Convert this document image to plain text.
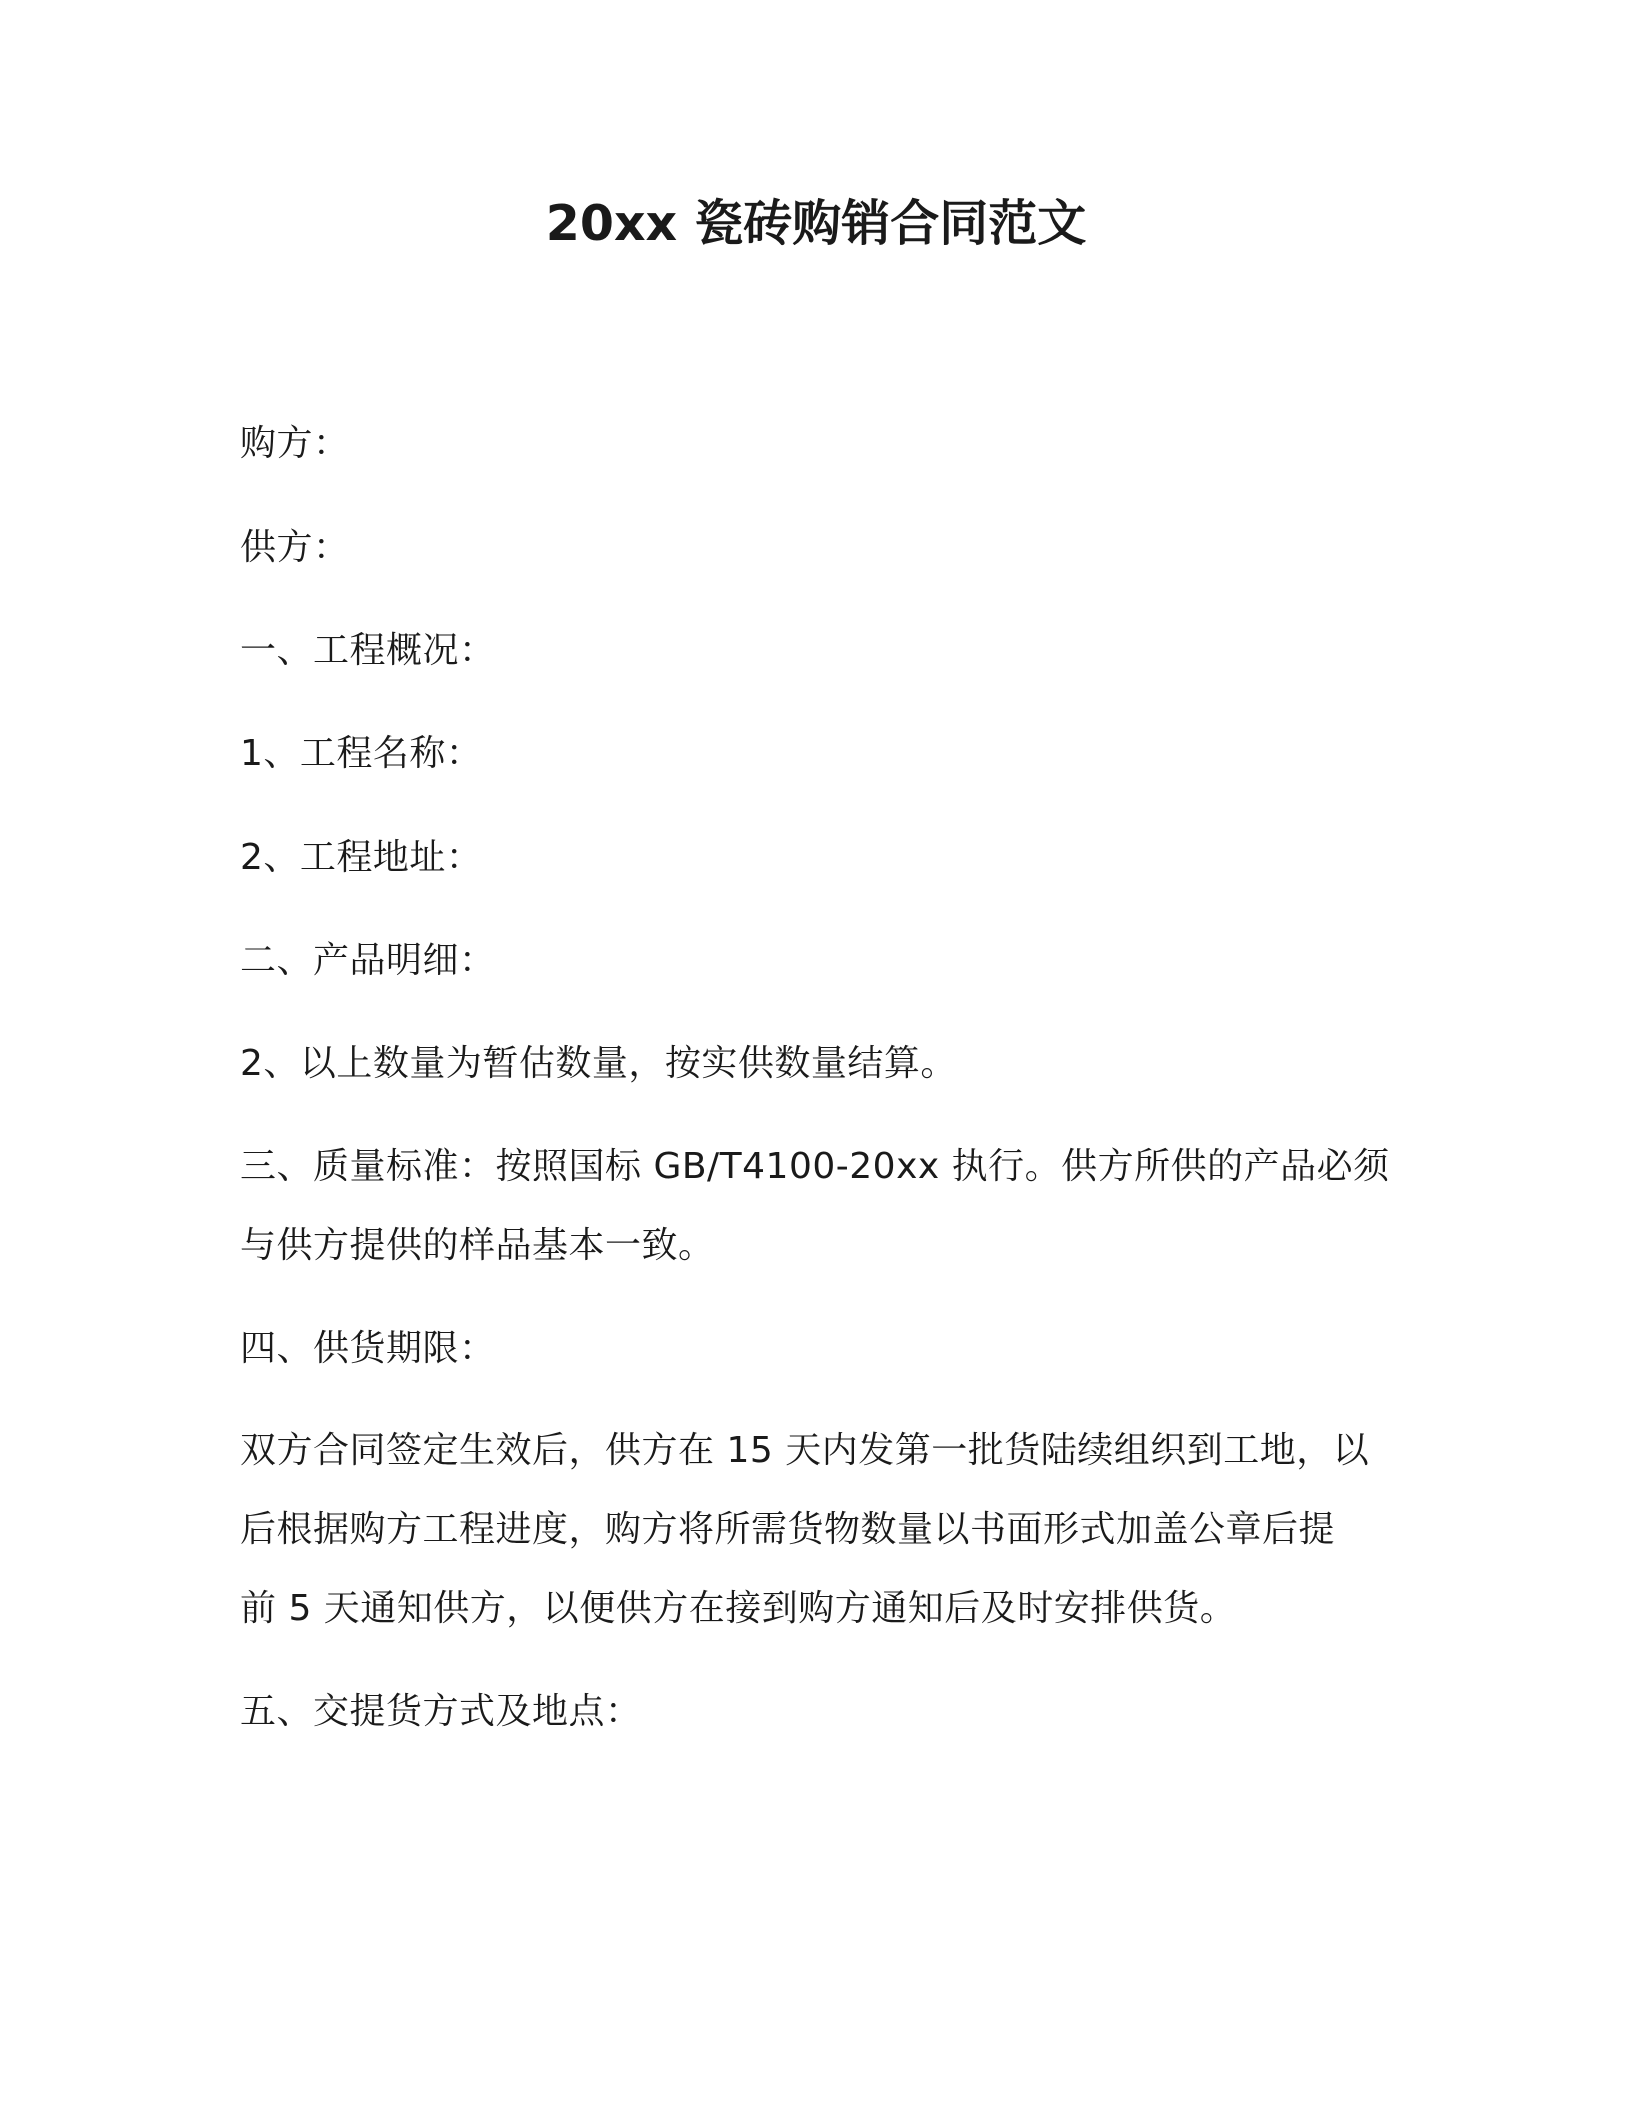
20xx 瓷砖购销合同范文
购方：
供方：
一、工程概况：
1、工程名称：
2、工程地址：
二、产品明细：
2、以上数量为暂估数量，按实供数量结算。
三、质量标准：按照国标 GB/T4100-20xx 执行。供方所供的产品必须
与供方提供的样品基本一致。
四、供货期限：
双方合同签定生效后，供方在 15 天内发第一批货陆续组织到工地，以
后根据购方工程进度，购方将所需货物数量以书面形式加盖公章后提
前 5 天通知供方，以便供方在接到购方通知后及时安排供货。
五、交提货方式及地点：
